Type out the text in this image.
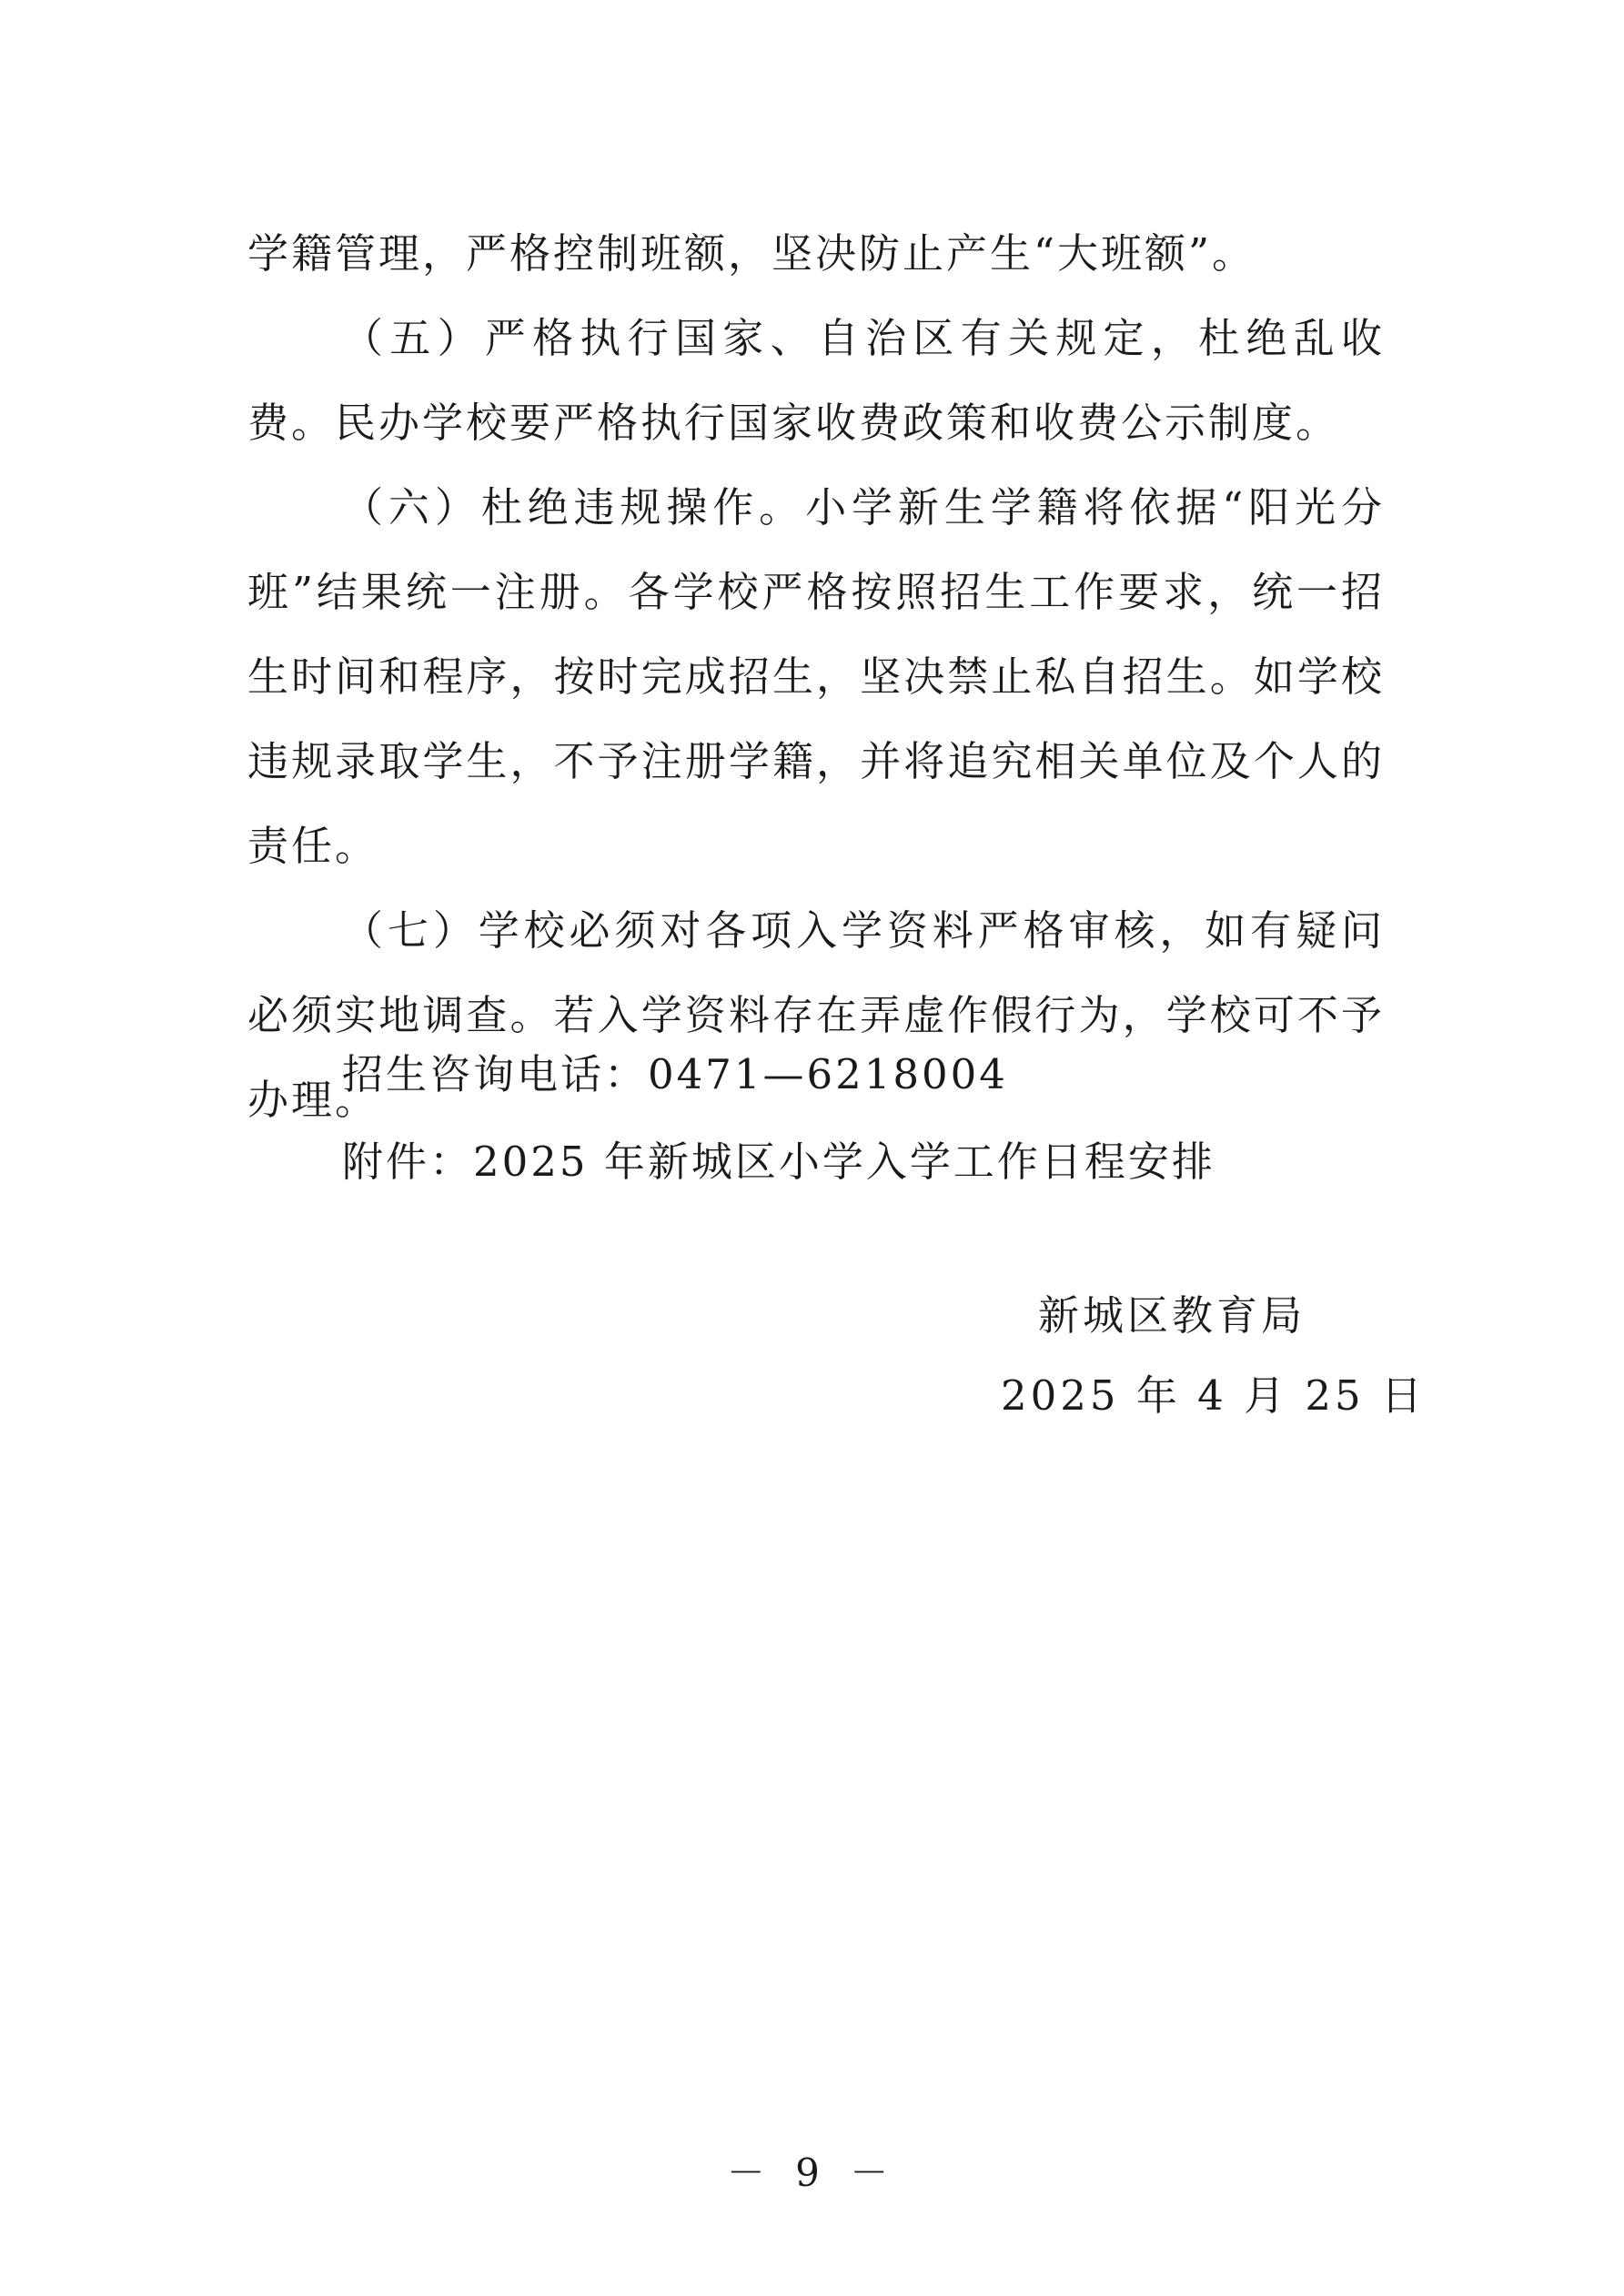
学籍管理，严格控制班额，坚决防止产生“大班额”。

（五）严格执行国家、自治区有关规定，杜绝乱收费。民办学校要严格执行国家收费政策和收费公示制度。

（六）杜绝违规操作。小学新生学籍将依据“阳光分班”结果统一注册。各学校严格按照招生工作要求，统一招生时间和程序，按时完成招生，坚决禁止私自招生。如学校违规录取学生，不予注册学籍，并将追究相关单位及个人的责任。

（七）学校必须对各项入学资料严格审核，如有疑问必须实地调查。若入学资料存在弄虚作假行为，学校可不予办理。

招生咨询电话：0471—6218004
附件：2025 年新城区小学入学工作日程安排
新城区教育局
2025 年 4 月 25 日
－ 9 －
